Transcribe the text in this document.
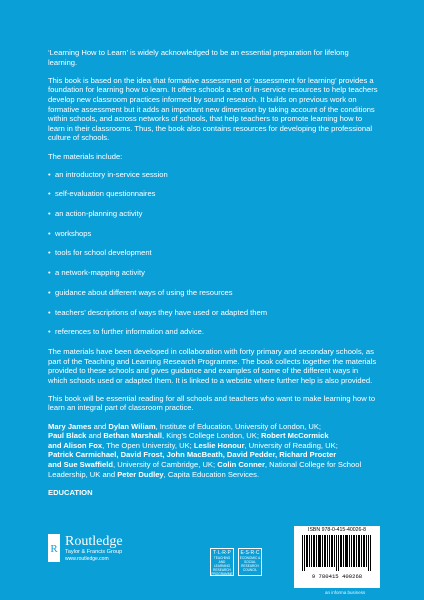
‘Learning How to Learn’ is widely acknowledged to be an essential preparation for lifelong learning.

This book is based on the idea that formative assessment or ‘assessment for learning’ provides a foundation for learning how to learn. It offers schools a set of in-service resources to help teachers develop new classroom practices informed by sound research. It builds on previous work on formative assessment but it adds an important new dimension by taking account of the conditions within schools, and across networks of schools, that help teachers to promote learning how to learn in their classrooms. Thus, the book also contains resources for developing the professional culture of schools.

The materials include:

• an introductory in-service session
• self-evaluation questionnaires
• an action-planning activity
• workshops
• tools for school development
• a network-mapping activity
• guidance about different ways of using the resources
• teachers’ descriptions of ways they have used or adapted them
• references to further information and advice.

The materials have been developed in collaboration with forty primary and secondary schools, as part of the Teaching and Learning Research Programme. The book collects together the materials provided to these schools and gives guidance and examples of some of the different ways in which schools used or adapted them. It is linked to a website where further help is also provided.

This book will be essential reading for all schools and teachers who want to make learning how to learn an integral part of classroom practice.

Mary James and Dylan Wiliam, Institute of Education, University of London, UK;
Paul Black and Bethan Marshall, King’s College London, UK; Robert McCormick
and Alison Fox, The Open University, UK; Leslie Honour, University of Reading, UK;
Patrick Carmichael, David Frost, John MacBeath, David Pedder, Richard Procter
and Sue Swaffield, University of Cambridge, UK; Colin Conner, National College for School Leadership, UK and Peter Dudley, Capita Education Services.

EDUCATION
R Routledge
Taylor & Francis Group
www.routledge.com
T·L·R·P
TEACHING AND LEARNING RESEARCH PROGRAMME
E·S·R·C
ECONOMIC & SOCIAL RESEARCH COUNCIL
ISBN 978-0-415-40026-8
9 780415 400268
an informa business
